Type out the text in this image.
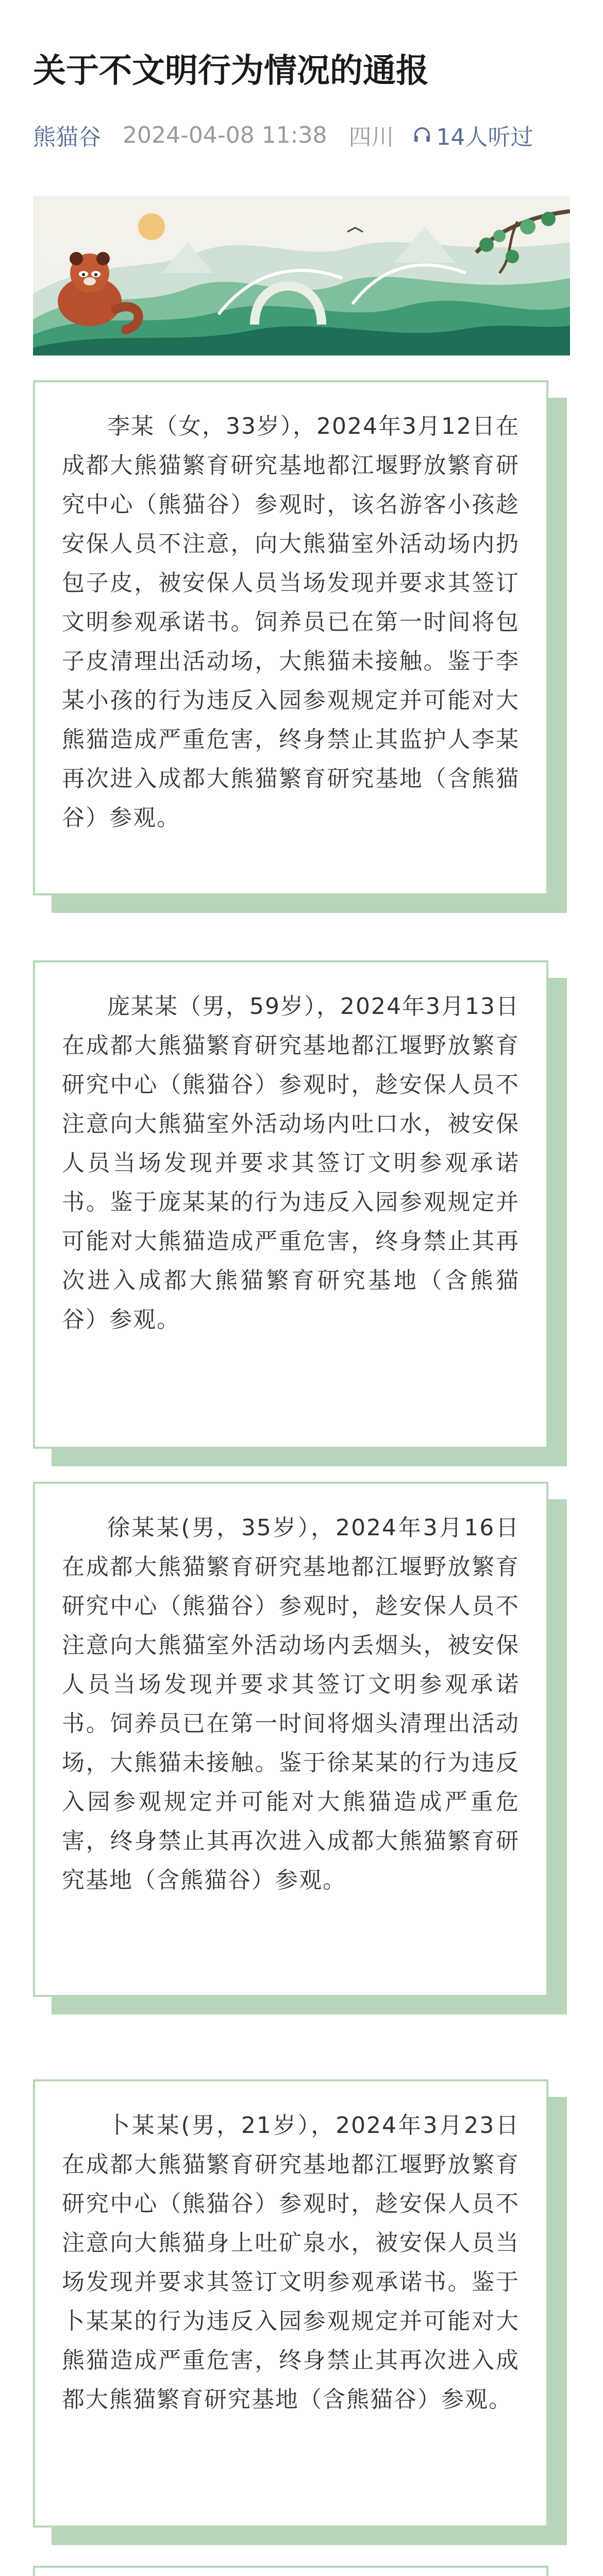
关于不文明行为情况的通报
熊猫谷 2024-04-08 11:38 四川 14人听过

李某（女，33岁），2024年3月12日在成都大熊猫繁育研究基地都江堰野放繁育研究中心（熊猫谷）参观时，该名游客小孩趁安保人员不注意，向大熊猫室外活动场内扔包子皮，被安保人员当场发现并要求其签订文明参观承诺书。饲养员已在第一时间将包子皮清理出活动场，大熊猫未接触。鉴于李某小孩的行为违反入园参观规定并可能对大熊猫造成严重危害，终身禁止其监护人李某再次进入成都大熊猫繁育研究基地（含熊猫谷）参观。

庞某某（男，59岁），2024年3月13日在成都大熊猫繁育研究基地都江堰野放繁育研究中心（熊猫谷）参观时，趁安保人员不注意向大熊猫室外活动场内吐口水，被安保人员当场发现并要求其签订文明参观承诺书。鉴于庞某某的行为违反入园参观规定并可能对大熊猫造成严重危害，终身禁止其再次进入成都大熊猫繁育研究基地（含熊猫谷）参观。

徐某某(男，35岁），2024年3月16日在成都大熊猫繁育研究基地都江堰野放繁育研究中心（熊猫谷）参观时，趁安保人员不注意向大熊猫室外活动场内丢烟头，被安保人员当场发现并要求其签订文明参观承诺书。饲养员已在第一时间将烟头清理出活动场，大熊猫未接触。鉴于徐某某的行为违反入园参观规定并可能对大熊猫造成严重危害，终身禁止其再次进入成都大熊猫繁育研究基地（含熊猫谷）参观。

卜某某(男，21岁），2024年3月23日在成都大熊猫繁育研究基地都江堰野放繁育研究中心（熊猫谷）参观时，趁安保人员不注意向大熊猫身上吐矿泉水，被安保人员当场发现并要求其签订文明参观承诺书。鉴于卜某某的行为违反入园参观规定并可能对大熊猫造成严重危害，终身禁止其再次进入成都大熊猫繁育研究基地（含熊猫谷）参观。
